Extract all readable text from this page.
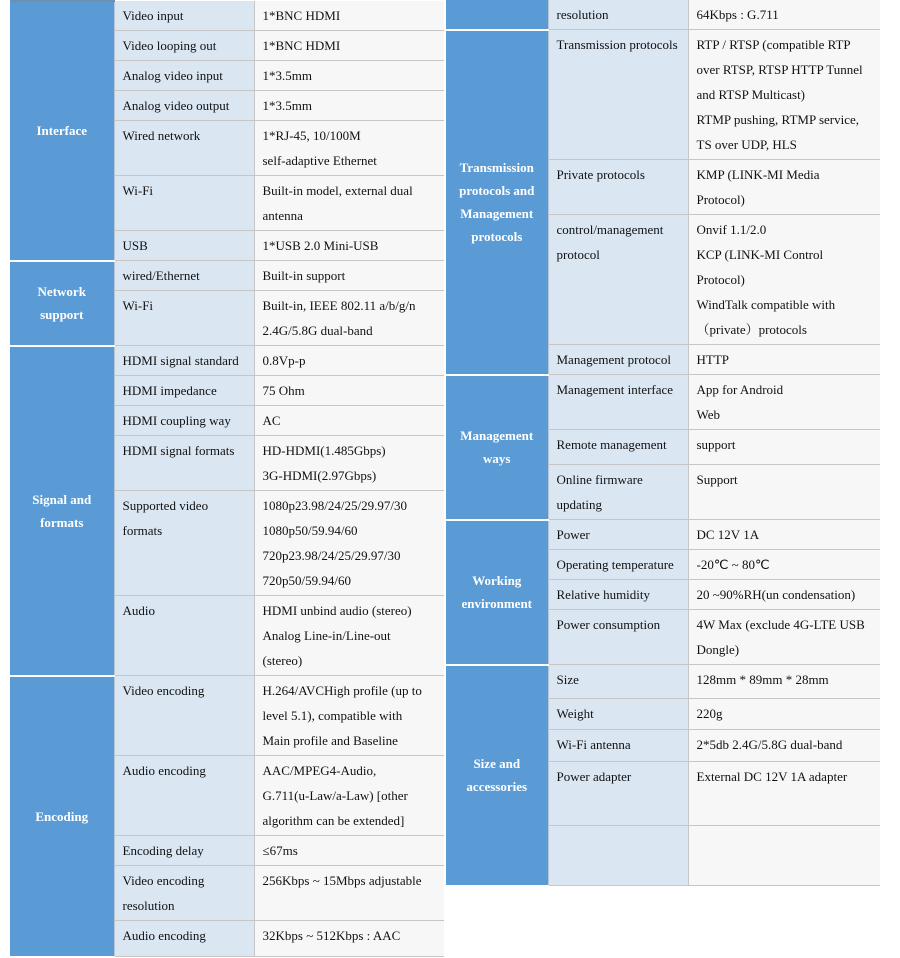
Interface	Video input	1*BNC HDMI

	Video looping out	1*BNC HDMI

	Analog video input	1*3.5mm

	Analog video output	1*3.5mm

	Wired network	1*RJ-45, 10/100M
self-adaptive Ethernet

	Wi-Fi	Built-in model, external dual
antenna

	USB	1*USB 2.0 Mini-USB

Network support	wired/Ethernet	Built-in support

	Wi-Fi	Built-in, IEEE 802.11 a/b/g/n
2.4G/5.8G dual-band

Signal and formats	HDMI signal standard	0.8Vp-p

	HDMI impedance	75 Ohm

	HDMI coupling way	AC

	HDMI signal formats	HD-HDMI(1.485Gbps)
3G-HDMI(2.97Gbps)

	Supported video formats	1080p23.98/24/25/29.97/30
1080p50/59.94/60
720p23.98/24/25/29.97/30
720p50/59.94/60

	Audio	HDMI unbind audio (stereo)
Analog Line-in/Line-out
(stereo)

Encoding	Video encoding	H.264/AVCHigh profile (up to
level 5.1), compatible with
Main profile and Baseline

	Audio encoding	AAC/MPEG4-Audio,
G.711(u-Law/a-Law) [other
algorithm can be extended]

	Encoding delay	≤67ms

	Video encoding resolution	256Kbps ~ 15Mbps adjustable

	Audio encoding	32Kbps ~ 512Kbps : AAC
	resolution	64Kbps : G.711

Transmission protocols and Management protocols	Transmission protocols	RTP / RTSP (compatible RTP
over RTSP, RTSP HTTP Tunnel
and RTSP Multicast)
RTMP pushing, RTMP service,
TS over UDP, HLS

	Private protocols	KMP (LINK-MI Media
Protocol)

	control/management protocol	Onvif 1.1/2.0
KCP (LINK-MI Control
Protocol)
WindTalk compatible with
（private）protocols

	Management protocol	HTTP

Management ways	Management interface	App for Android
Web

	Remote management	support

	Online firmware updating	Support

Working environment	Power	DC 12V 1A

	Operating temperature	-20℃ ~ 80℃

	Relative humidity	20 ~90%RH(un condensation)

	Power consumption	4W Max (exclude 4G-LTE USB
Dongle)

Size and accessories	Size	128mm * 89mm * 28mm

	Weight	220g

	Wi-Fi antenna	2*5db 2.4G/5.8G dual-band

	Power adapter	External DC 12V 1A adapter
